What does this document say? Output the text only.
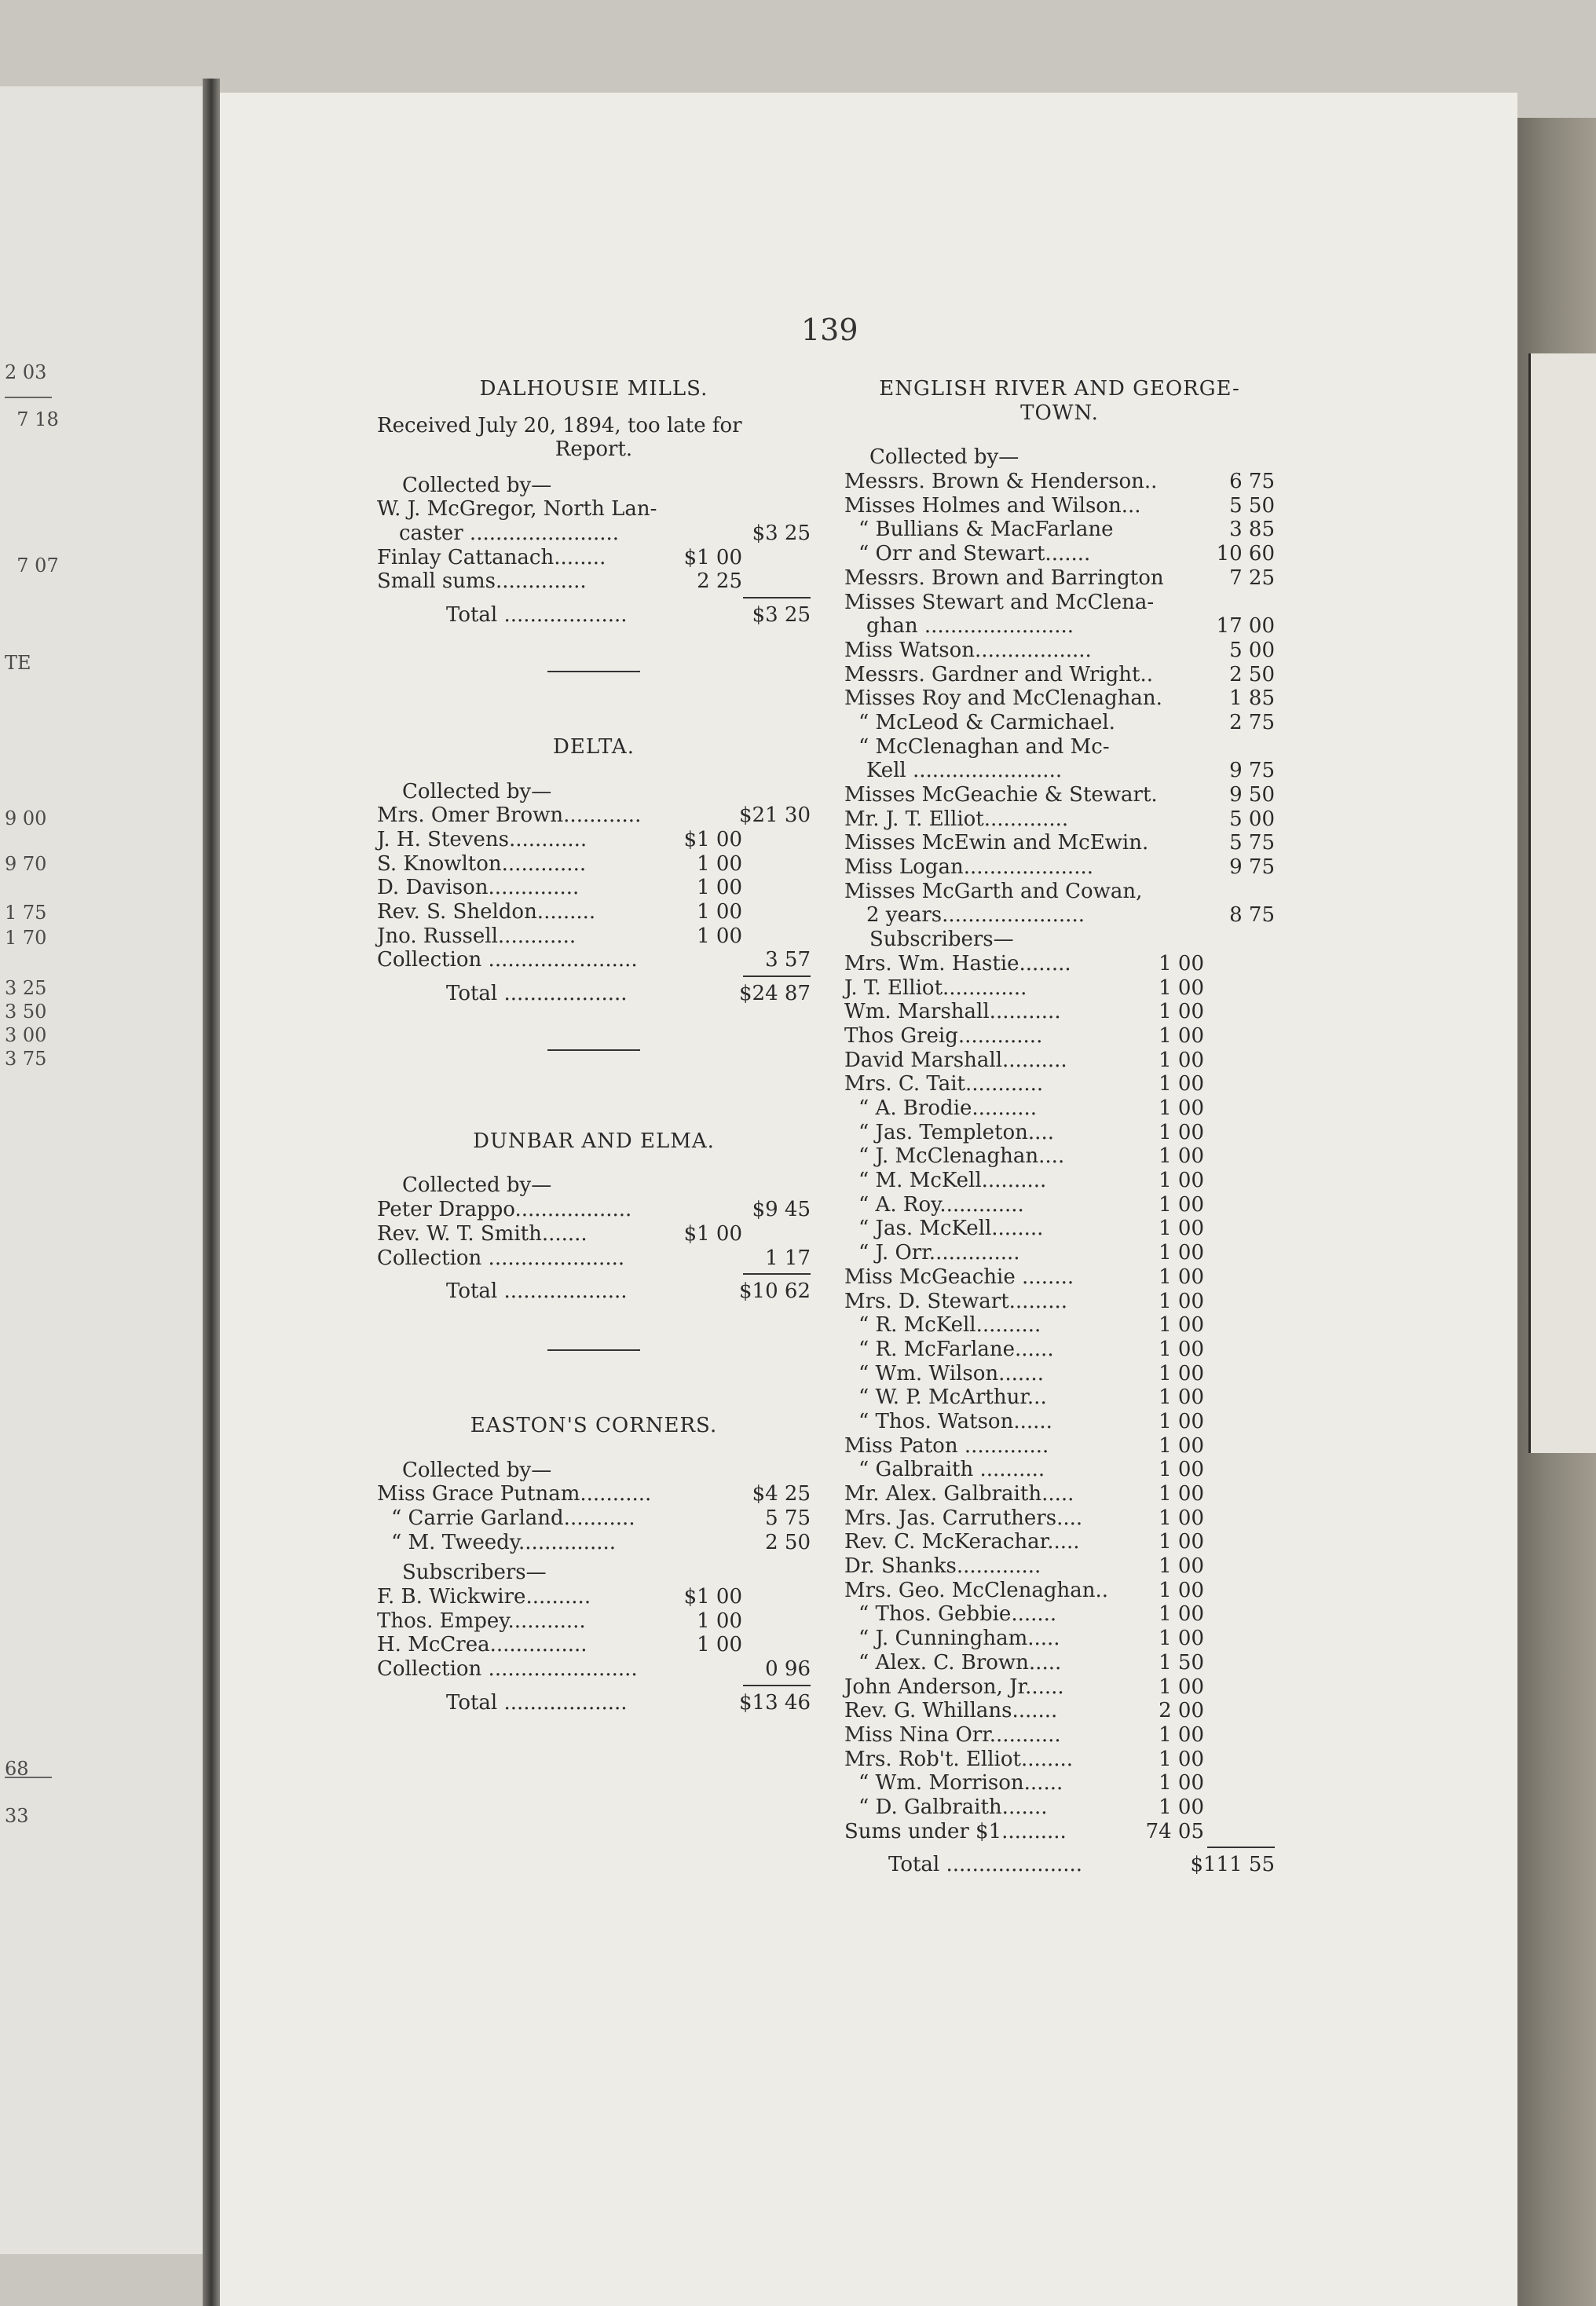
2 03
 7 18
 7 07
TE
9 00
9 70
1 75
1 70
3 25
3 50
3 00
3 75
68
33
139
DALHOUSIE MILLS.
Received July 20, 1894, too late for
Report.
Collected by—
W. J. McGregor, North Lan-
caster .......................	$3 25
Finlay Cattanach........	$1 00
Small sums..............	2 25
Total ...................	$3 25
DELTA.
Collected by—
Mrs. Omer Brown............	$21 30
J. H. Stevens............	$1 00
S. Knowlton.............	1 00
D. Davison..............	1 00
Rev. S. Sheldon.........	1 00
Jno. Russell............	1 00
Collection .......................	3 57
Total ...................	$24 87
DUNBAR AND ELMA.
Collected by—
Peter Drappo..................	$9 45
Rev. W. T. Smith.......	$1 00
Collection .....................	1 17
Total ...................	$10 62
EASTON'S CORNERS.
Collected by—
Miss Grace Putnam...........	$4 25
“ Carrie Garland...........	5 75
“ M. Tweedy...............	2 50
Subscribers—
F. B. Wickwire..........	$1 00
Thos. Empey............	1 00
H. McCrea...............	1 00
Collection .......................	0 96
Total ...................	$13 46
ENGLISH RIVER AND GEORGE-
TOWN.
Collected by—
Messrs. Brown & Henderson..	6 75
Misses Holmes and Wilson...	5 50
“ Bullians & MacFarlane	3 85
“ Orr and Stewart.......	10 60
Messrs. Brown and Barrington	7 25
Misses Stewart and McClena-
ghan .......................	17 00
Miss Watson..................	5 00
Messrs. Gardner and Wright..	2 50
Misses Roy and McClenaghan.	1 85
“ McLeod & Carmichael.	2 75
“ McClenaghan and Mc-
Kell .......................	9 75
Misses McGeachie & Stewart.	9 50
Mr. J. T. Elliot.............	5 00
Misses McEwin and McEwin.	5 75
Miss Logan....................	9 75
Misses McGarth and Cowan,
2 years......................	8 75
Subscribers—
Mrs. Wm. Hastie........	1 00
J. T. Elliot.............	1 00
Wm. Marshall...........	1 00
Thos Greig.............	1 00
David Marshall..........	1 00
Mrs. C. Tait............	1 00
“ A. Brodie..........	1 00
“ Jas. Templeton....	1 00
“ J. McClenaghan....	1 00
“ M. McKell..........	1 00
“ A. Roy.............	1 00
“ Jas. McKell........	1 00
“ J. Orr..............	1 00
Miss McGeachie ........	1 00
Mrs. D. Stewart.........	1 00
“ R. McKell..........	1 00
“ R. McFarlane......	1 00
“ Wm. Wilson.......	1 00
“ W. P. McArthur...	1 00
“ Thos. Watson......	1 00
Miss Paton .............	1 00
“ Galbraith ..........	1 00
Mr. Alex. Galbraith.....	1 00
Mrs. Jas. Carruthers....	1 00
Rev. C. McKerachar.....	1 00
Dr. Shanks.............	1 00
Mrs. Geo. McClenaghan.. 1 00
“ Thos. Gebbie.......	1 00
“ J. Cunningham.....	1 00
“ Alex. C. Brown.....	1 50
John Anderson, Jr......	1 00
Rev. G. Whillans.......	2 00
Miss Nina Orr...........	1 00
Mrs. Rob't. Elliot........	1 00
“ Wm. Morrison......	1 00
“ D. Galbraith.......	1 00
Sums under $1..........	74 05
Total .....................	$111 55
